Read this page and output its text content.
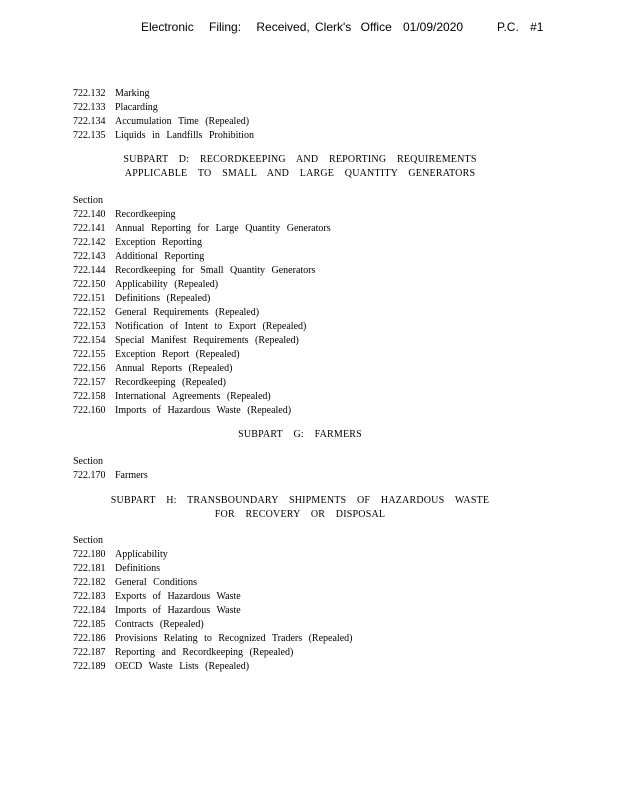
Electronic Filing: Received, Clerk's Office 01/09/2020	P.C. #1
722.132 Marking
722.133 Placarding
722.134 Accumulation Time (Repealed)
722.135 Liquids in Landfills Prohibition
SUBPART D: RECORDKEEPING AND REPORTING REQUIREMENTS
APPLICABLE TO SMALL AND LARGE QUANTITY GENERATORS
Section
722.140 Recordkeeping
722.141 Annual Reporting for Large Quantity Generators
722.142 Exception Reporting
722.143 Additional Reporting
722.144 Recordkeeping for Small Quantity Generators
722.150 Applicability (Repealed)
722.151 Definitions (Repealed)
722.152 General Requirements (Repealed)
722.153 Notification of Intent to Export (Repealed)
722.154 Special Manifest Requirements (Repealed)
722.155 Exception Report (Repealed)
722.156 Annual Reports (Repealed)
722.157 Recordkeeping (Repealed)
722.158 International Agreements (Repealed)
722.160 Imports of Hazardous Waste (Repealed)
SUBPART G: FARMERS
Section
722.170 Farmers
SUBPART H: TRANSBOUNDARY SHIPMENTS OF HAZARDOUS WASTE
FOR RECOVERY OR DISPOSAL
Section
722.180 Applicability
722.181 Definitions
722.182 General Conditions
722.183 Exports of Hazardous Waste
722.184 Imports of Hazardous Waste
722.185 Contracts (Repealed)
722.186 Provisions Relating to Recognized Traders (Repealed)
722.187 Reporting and Recordkeeping (Repealed)
722.189 OECD Waste Lists (Repealed)
